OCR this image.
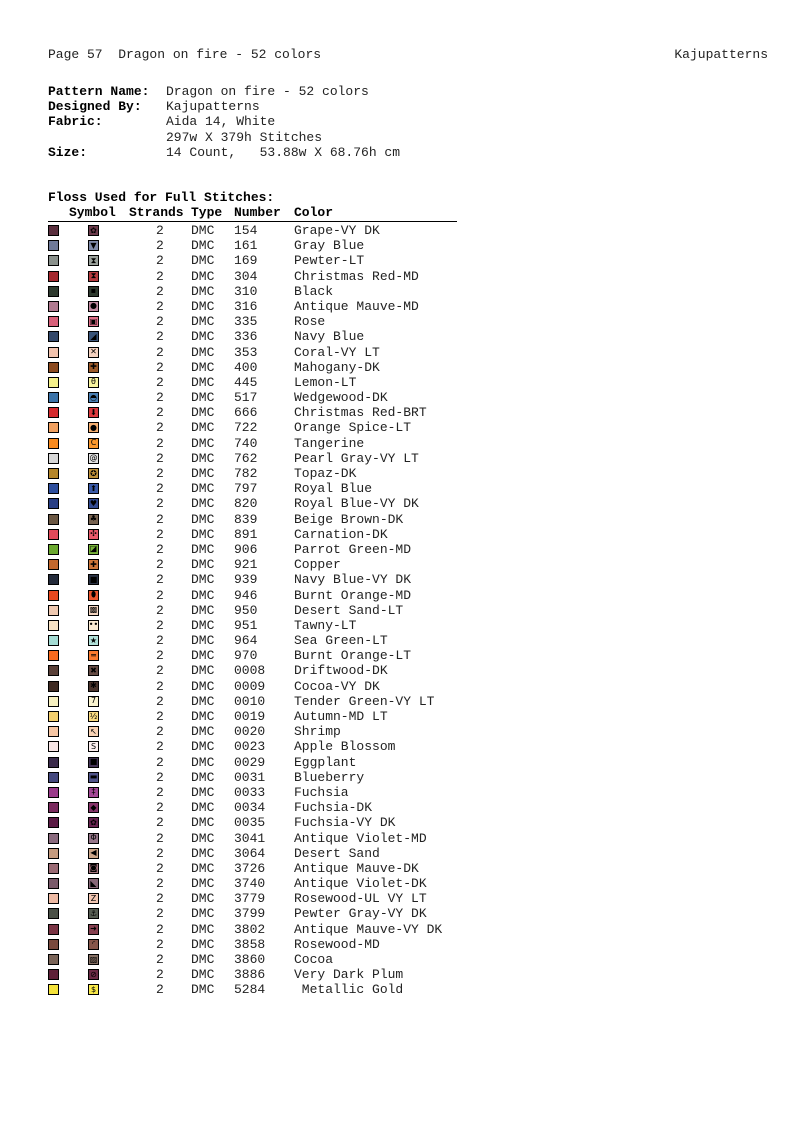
Page 57 Dragon on fire - 52 colors	Kajupatterns
Pattern Name:	Dragon on fire - 52 colors
Designed By:	Kajupatterns
Fabric:	Aida 14, White
297w X 379h Stitches
Size:	14 Count,   53.88w X 68.76h cm
Floss Used for Full Stitches:
Symbol Strands Type Number Color
✿	2 DMC 154	Grape-VY DK
▼	2 DMC 161	Gray Blue
⧗	2 DMC 169	Pewter-LT
⧗	2 DMC 304	Christmas Red-MD
▪	2 DMC 310	Black
●	2 DMC 316	Antique Mauve-MD
▣	2 DMC 335	Rose
◢	2 DMC 336	Navy Blue
✕	2 DMC 353	Coral-VY LT
✚	2 DMC 400	Mahogany-DK
θ	2 DMC 445	Lemon-LT
◓	2 DMC 517	Wedgewood-DK
⬇	2 DMC 666	Christmas Red-BRT
●	2 DMC 722	Orange Spice-LT
C	2 DMC 740	Tangerine
@	2 DMC 762	Pearl Gray-VY LT
✪	2 DMC 782	Topaz-DK
⬆	2 DMC 797	Royal Blue
♥	2 DMC 820	Royal Blue-VY DK
♣	2 DMC 839	Beige Brown-DK
✣	2 DMC 891	Carnation-DK
◪	2 DMC 906	Parrot Green-MD
✚	2 DMC 921	Copper
■	2 DMC 939	Navy Blue-VY DK
⬮	2 DMC 946	Burnt Orange-MD
▩	2 DMC 950	Desert Sand-LT
••	2 DMC 951	Tawny-LT
★	2 DMC 964	Sea Green-LT
═	2 DMC 970	Burnt Orange-LT
✖	2 DMC 0008 Driftwood-DK
✱	2 DMC 0009 Cocoa-VY DK
7	2 DMC 0010 Tender Green-VY LT
½	2 DMC 0019 Autumn-MD LT
↖	2 DMC 0020 Shrimp
S	2 DMC 0023 Apple Blossom
■	2 DMC 0029 Eggplant
▬	2 DMC 0031 Blueberry
‡	2 DMC 0033 Fuchsia
◆	2 DMC 0034 Fuchsia-DK
✿	2 DMC 0035 Fuchsia-VY DK
Φ	2 DMC 3041 Antique Violet-MD
◀	2 DMC 3064 Desert Sand
◙	2 DMC 3726 Antique Mauve-DK
◣	2 DMC 3740 Antique Violet-DK
Z	2 DMC 3779 Rosewood-UL VY LT
⚓	2 DMC 3799 Pewter Gray-VY DK
➜	2 DMC 3802 Antique Mauve-VY DK
◜	2 DMC 3858 Rosewood-MD
▨	2 DMC 3860 Cocoa
⊘	2 DMC 3886 Very Dark Plum
$	2 DMC 5284 Metallic Gold
